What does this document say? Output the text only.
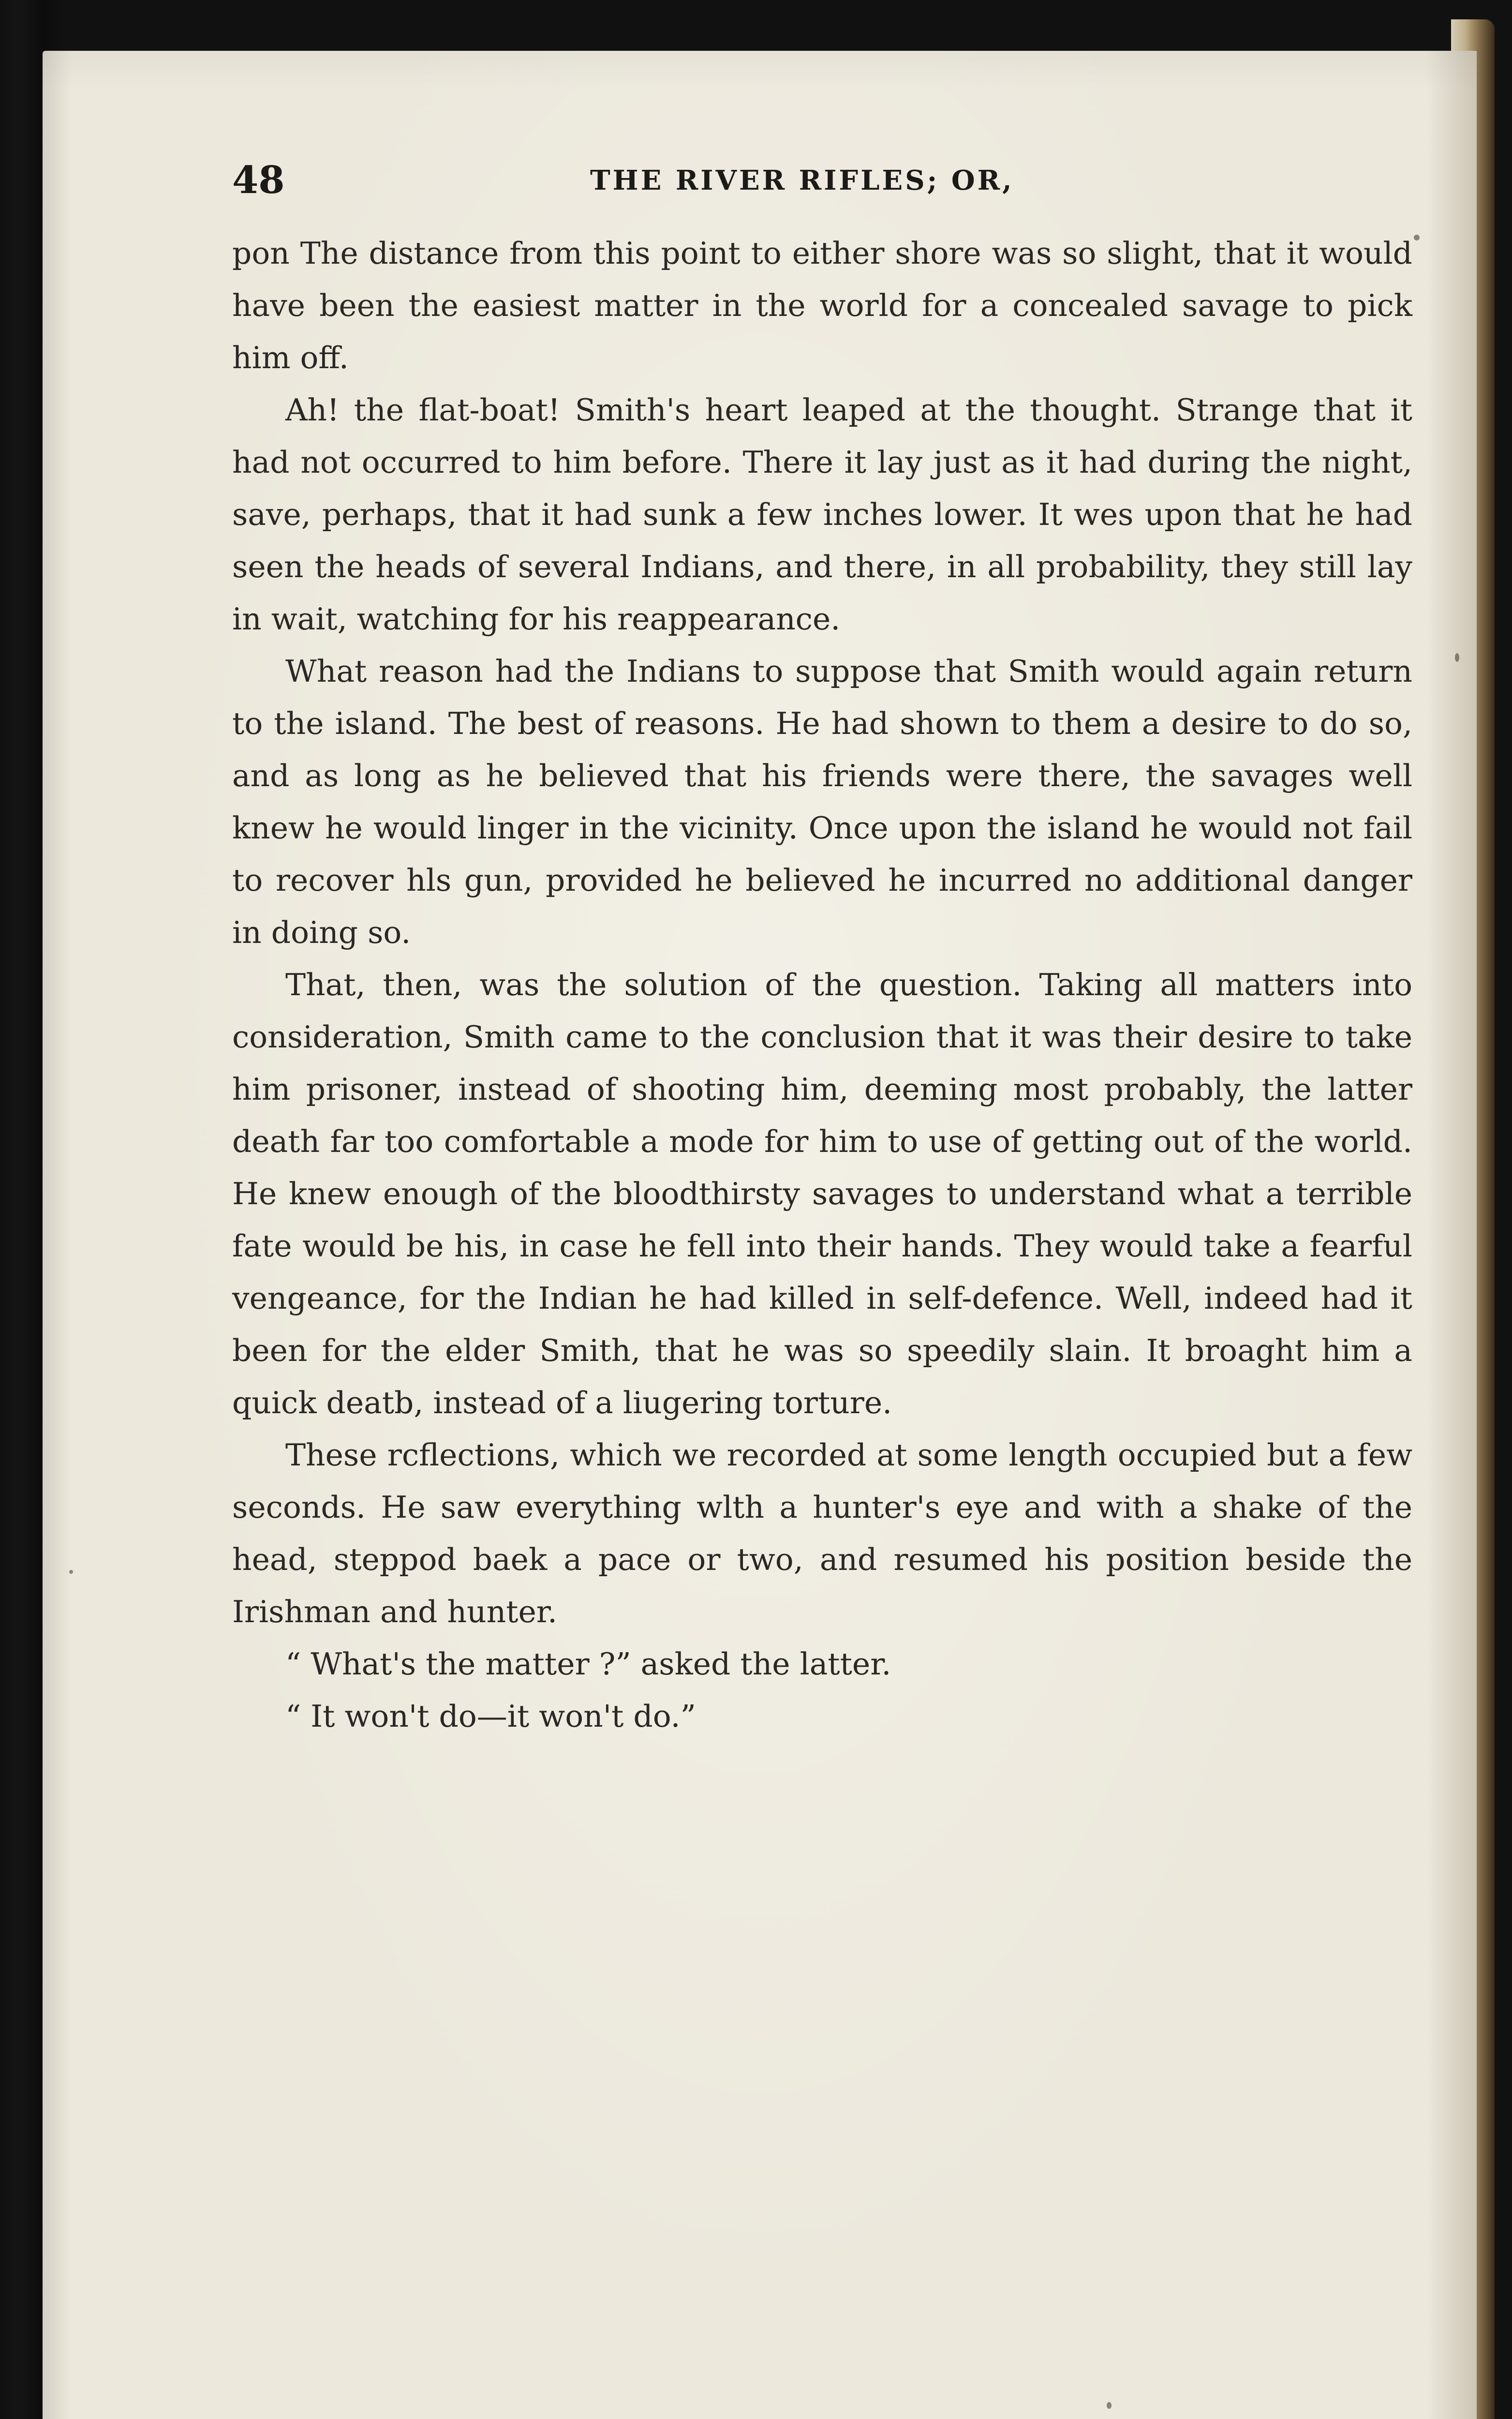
48	THE RIVER RIFLES; OR,

pon The distance from this point to either shore was so slight, that it would have been the easiest matter in the world for a concealed savage to pick him off.

Ah! the flat-boat! Smith's heart leaped at the thought. Strange that it had not occurred to him before. There it lay just as it had during the night, save, perhaps, that it had sunk a few inches lower. It wes upon that he had seen the heads of several Indians, and there, in all probability, they still lay in wait, watching for his reappearance.

What reason had the Indians to suppose that Smith would again return to the island. The best of reasons. He had shown to them a desire to do so, and as long as he believed that his friends were there, the savages well knew he would linger in the vicinity. Once upon the island he would not fail to recover hls gun, provided he believed he incurred no additional danger in doing so.

That, then, was the solution of the question. Taking all matters into consideration, Smith came to the conclusion that it was their desire to take him prisoner, instead of shooting him, deeming most probably, the latter death far too comfortable a mode for him to use of getting out of the world. He knew enough of the bloodthirsty savages to understand what a terrible fate would be his, in case he fell into their hands. They would take a fearful vengeance, for the Indian he had killed in self-defence. Well, indeed had it been for the elder Smith, that he was so speedily slain. It broaght him a quick deatb, instead of a liugering torture.

These rcflections, which we recorded at some length occupied but a few seconds. He saw everything wlth a hunter's eye and with a shake of the head, steppod baek a pace or two, and resumed his position beside the Irishman and hunter.

“ What's the matter ?” asked the latter.

“ It won't do—it won't do.”
